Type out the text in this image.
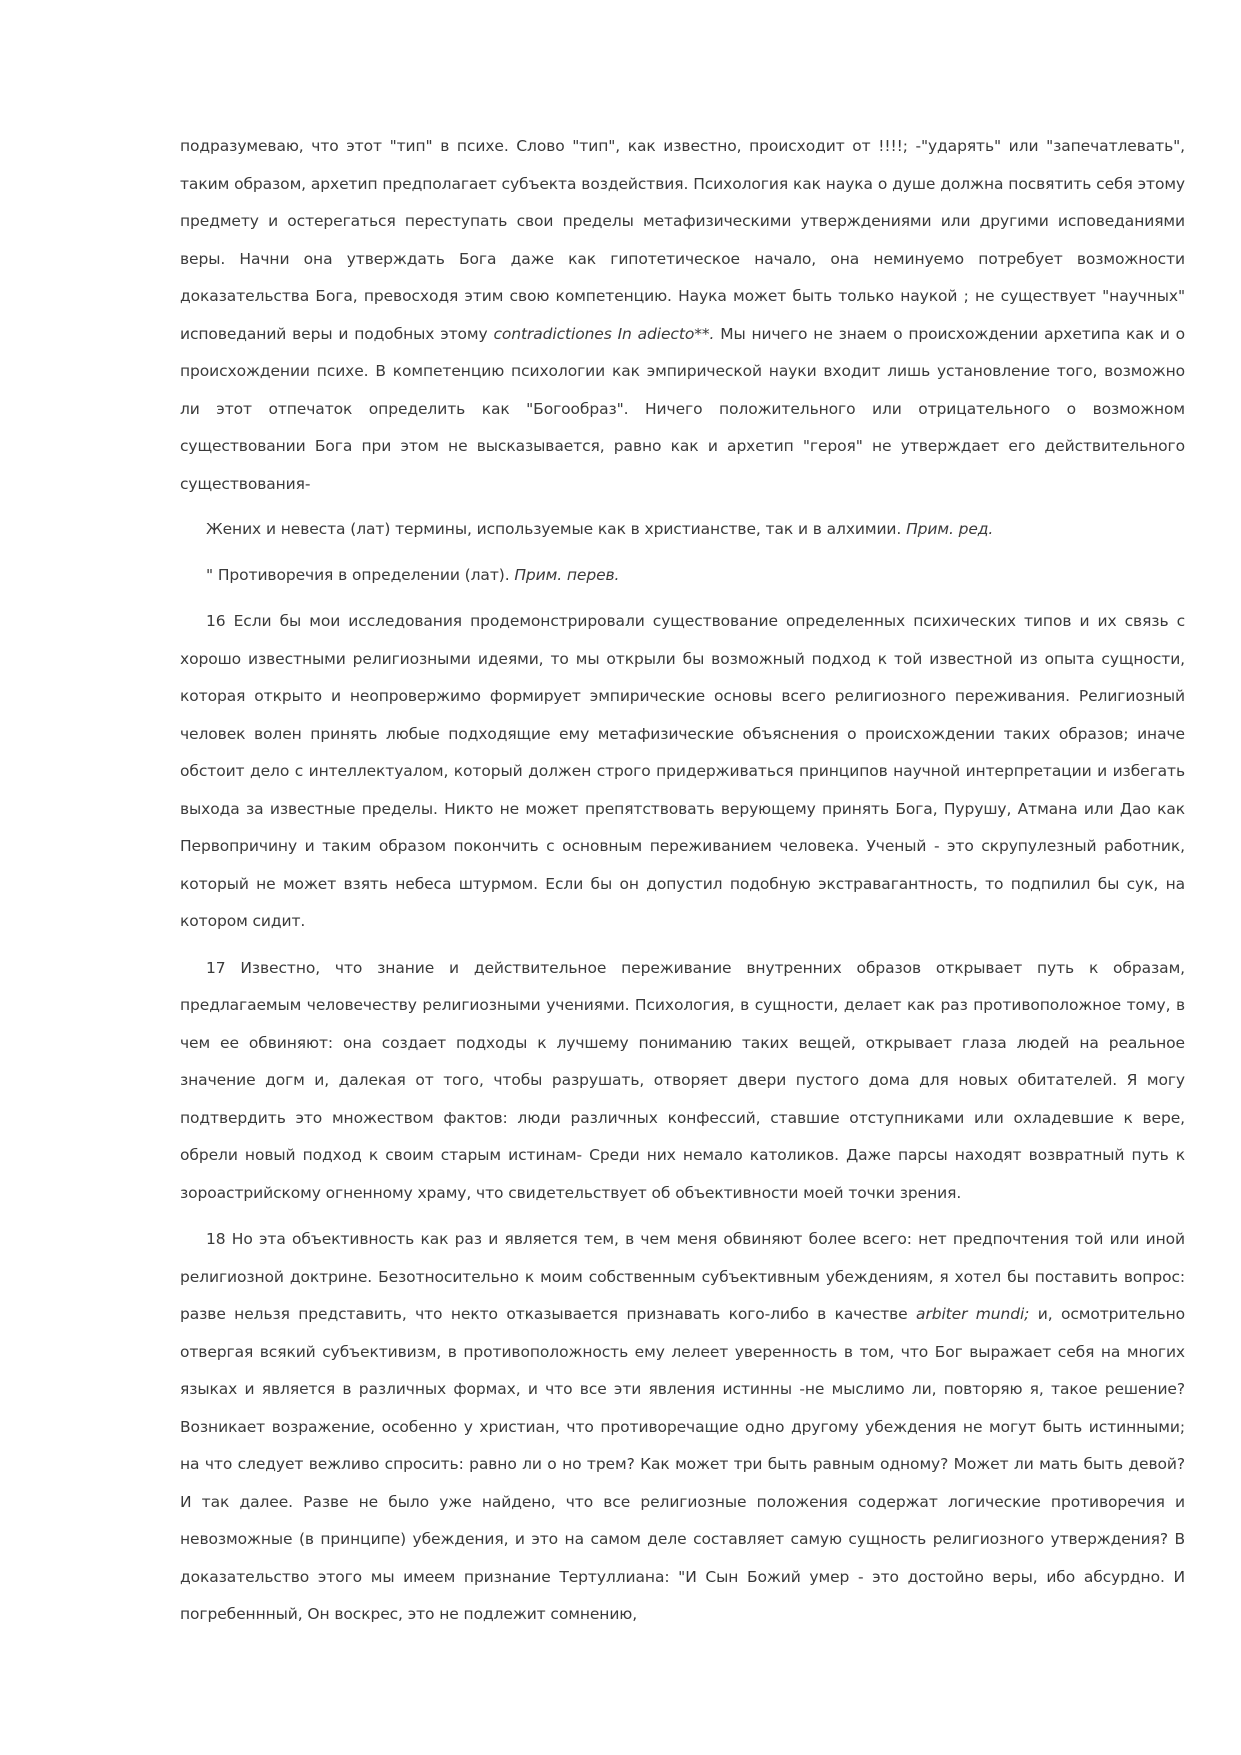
подразумеваю, что этот "тип" в психе. Слово "тип", как известно, происходит от !!!!; -"ударять" или "запечатлевать", таким образом, архетип предполагает субъекта воздействия. Психология как наука о душе должна посвятить себя этому предмету и остерегаться переступать свои пределы метафизическими утверждениями или другими исповеданиями веры. Начни она утверждать Бога даже как гипотетическое начало, она неминуемо потребует возможности доказательства Бога, превосходя этим свою компетенцию. Наука может быть только наукой ; не существует "научных" исповеданий веры и подобных этому contradictiones In adiecto**. Мы ничего не знаем о происхождении архетипа как и о происхождении психе. В компетенцию психологии как эмпирической науки входит лишь установление того, возможно ли этот отпечаток определить как "Богообраз". Ничего положительного или отрицательного о возможном существовании Бога при этом не высказывается, равно как и архетип "героя" не утверждает его действительного существования-

Жених и невеста (лат) термины, используемые как в христианстве, так и в алхимии. Прим. ред.

" Противоречия в определении (лат). Прим. перев.

16 Если бы мои исследования продемонстрировали существование определенных психических типов и их связь с хорошо известными религиозными идеями, то мы открыли бы возможный подход к той известной из опыта сущности, которая открыто и неопровержимо формирует эмпирические основы всего религиозного переживания. Религиозный человек волен принять любые подходящие ему метафизические объяснения о происхождении таких образов; иначе обстоит дело с интеллектуалом, который должен строго придерживаться принципов научной интерпретации и избегать выхода за известные пределы. Никто не может препятствовать верующему принять Бога, Пурушу, Атмана или Дао как Первопричину и таким образом покончить с основным переживанием человека. Ученый - это скрупулезный работник, который не может взять небеса штурмом. Если бы он допустил подобную экстравагантность, то подпилил бы сук, на котором сидит.

17 Известно, что знание и действительное переживание внутренних образов открывает путь к образам, предлагаемым человечеству религиозными учениями. Психология, в сущности, делает как раз противоположное тому, в чем ее обвиняют: она создает подходы к лучшему пониманию таких вещей, открывает глаза людей на реальное значение догм и, далекая от того, чтобы разрушать, отворяет двери пустого дома для новых обитателей. Я могу подтвердить это множеством фактов: люди различных конфессий, ставшие отступниками или охладевшие к вере, обрели новый подход к своим старым истинам- Среди них немало католиков. Даже парсы находят возвратный путь к зороастрийскому огненному храму, что свидетельствует об объективности моей точки зрения.

18 Но эта объективность как раз и является тем, в чем меня обвиняют более всего: нет предпочтения той или иной религиозной доктрине. Безотносительно к моим собственным субъективным убеждениям, я хотел бы поставить вопрос: разве нельзя представить, что некто отказывается признавать кого-либо в качестве arbiter mundi; и, осмотрительно отвергая всякий субъективизм, в противоположность ему лелеет уверенность в том, что Бог выражает себя на многих языках и является в различных формах, и что все эти явления истинны -не мыслимо ли, повторяю я, такое решение? Возникает возражение, особенно у христиан, что противоречащие одно другому убеждения не могут быть истинными; на что следует вежливо спросить: равно ли о но трем? Как может три быть равным одному? Может ли мать быть девой? И так далее. Разве не было уже найдено, что все религиозные положения содержат логические противоречия и невозможные (в принципе) убеждения, и это на самом деле составляет самую сущность религиозного утверждения? В доказательство этого мы имеем признание Тертуллиана: "И Сын Божий умер - это достойно веры, ибо абсурдно. И погребеннный, Он воскрес, это не подлежит сомнению,
